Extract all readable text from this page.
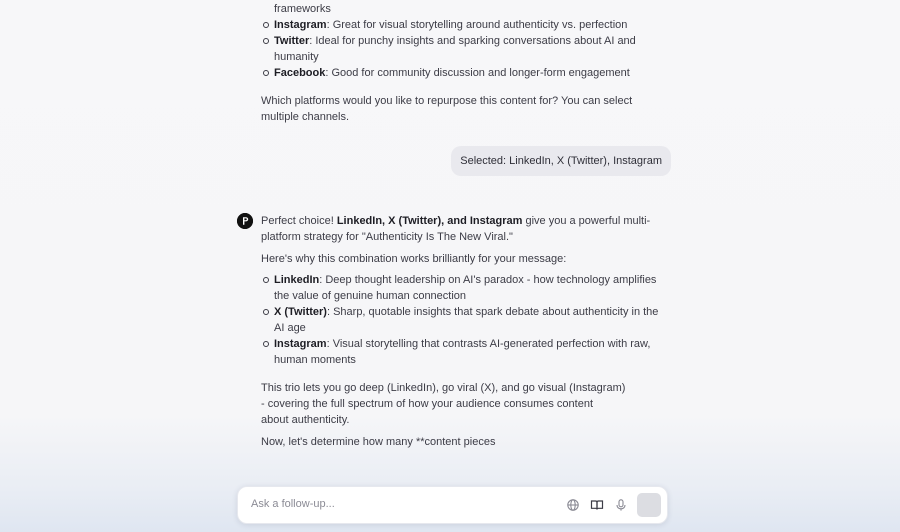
frameworks

Instagram: Great for visual storytelling around authenticity vs. perfection
Twitter: Ideal for punchy insights and sparking conversations about AI and humanity
Facebook: Good for community discussion and longer-form engagement

Which platforms would you like to repurpose this content for? You can select multiple channels.

Selected: LinkedIn, X (Twitter), Instagram

Perfect choice! LinkedIn, X (Twitter), and Instagram give you a powerful multi-platform strategy for "Authenticity Is The New Viral."

Here's why this combination works brilliantly for your message:

LinkedIn: Deep thought leadership on AI's paradox - how technology amplifies the value of genuine human connection
X (Twitter): Sharp, quotable insights that spark debate about authenticity in the AI age
Instagram: Visual storytelling that contrasts AI-generated perfection with raw, human moments

This trio lets you go deep (LinkedIn), go viral (X), and go visual (Instagram)
- covering the full spectrum of how your audience consumes content
about authenticity.

Now, let's determine how many **content pieces

Ask a follow-up...
